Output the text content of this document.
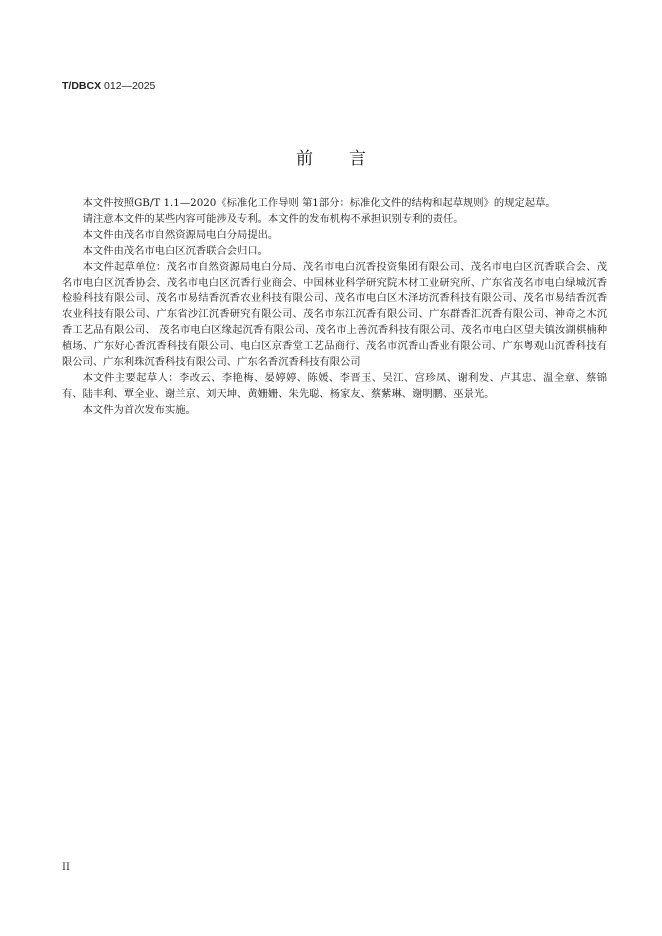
T/DBCX 012—2025
前言

本文件按照GB/T 1.1—2020《标准化工作导则 第1部分：标准化文件的结构和起草规则》的规定起草。

请注意本文件的某些内容可能涉及专利。本文件的发布机构不承担识别专利的责任。

本文件由茂名市自然资源局电白分局提出。

本文件由茂名市电白区沉香联合会归口。

本文件起草单位：茂名市自然资源局电白分局、茂名市电白沉香投资集团有限公司、茂名市电白区沉香联合会、茂名市电白区沉香协会、茂名市电白区沉香行业商会、中国林业科学研究院木材工业研究所、广东省茂名市电白绿城沉香检验科技有限公司、茂名市易结香沉香农业科技有限公司、茂名市电白区木泽坊沉香科技有限公司、茂名市易结香沉香农业科技有限公司、广东省沙江沉香研究有限公司、茂名市东江沉香有限公司、广东群香汇沉香有限公司、神奇之木沉香工艺品有限公司、 茂名市电白区缘起沉香有限公司、茂名市上善沉香科技有限公司、茂名市电白区望夫镇汝湖棋楠种植场、广东好心香沉香科技有限公司、电白区京香堂工艺品商行、茂名市沉香山香业有限公司、广东粤观山沉香科技有限公司、广东利珠沉香科技有限公司、广东名香沉香科技有限公司

本文件主要起草人：李改云、李艳梅、晏婷婷、陈媛、李晋玉、吴江、宫珍凤、谢利发、卢其忠、温全章、蔡锦有、陆丰利、覃全业、谢兰京、刘天坤、黄姗姗、朱先聪、杨家友、蔡紫琳、谢明鹏、巫景光。

本文件为首次发布实施。

II
